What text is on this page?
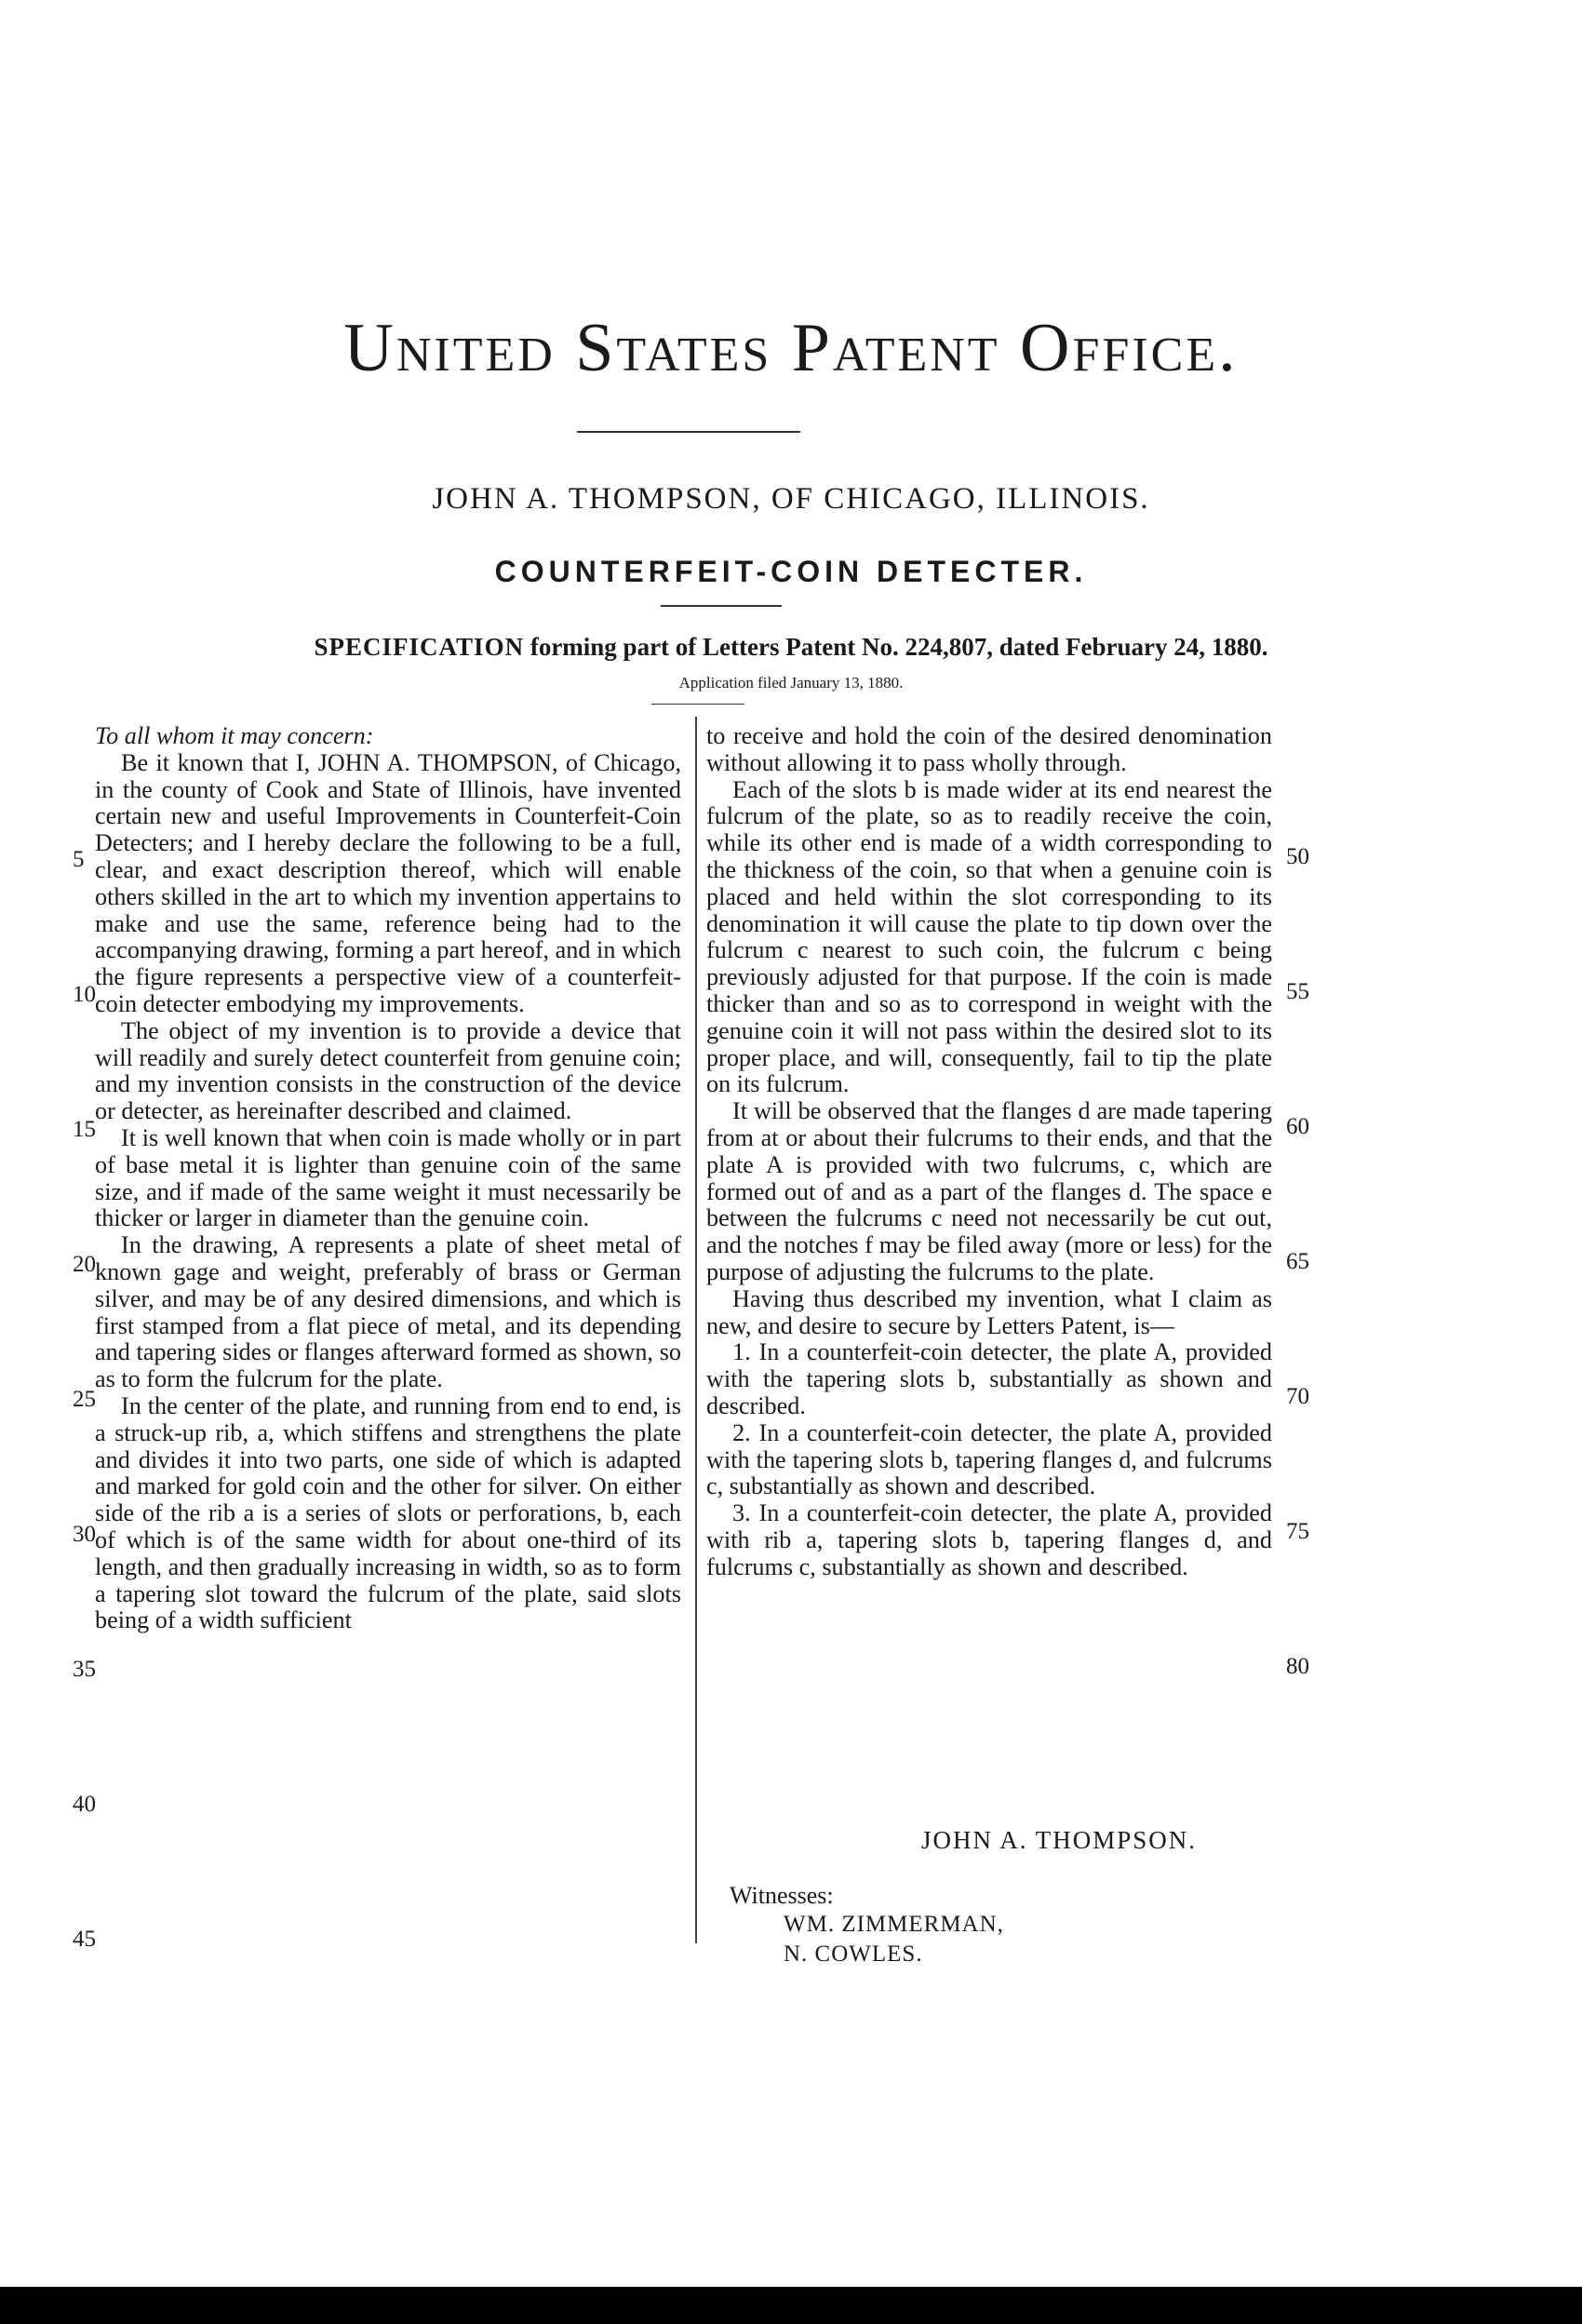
United States Patent Office.
JOHN A. THOMPSON, OF CHICAGO, ILLINOIS.
COUNTERFEIT-COIN DETECTER.
SPECIFICATION forming part of Letters Patent No. 224,807, dated February 24, 1880.
Application filed January 13, 1880.

To all whom it may concern:

Be it known that I, JOHN A. THOMPSON, of Chicago, in the county of Cook and State of Illinois, have invented certain new and useful Improvements in Counterfeit-Coin Detecters; and I hereby declare the following to be a full, clear, and exact description thereof, which will enable others skilled in the art to which my invention appertains to make and use the same, reference being had to the accompanying drawing, forming a part hereof, and in which the figure represents a perspective view of a counterfeit-coin detecter embodying my improvements.

The object of my invention is to provide a device that will readily and surely detect counterfeit from genuine coin; and my invention consists in the construction of the device or detecter, as hereinafter described and claimed.

It is well known that when coin is made wholly or in part of base metal it is lighter than genuine coin of the same size, and if made of the same weight it must necessarily be thicker or larger in diameter than the genuine coin.

In the drawing, A represents a plate of sheet metal of known gage and weight, preferably of brass or German silver, and may be of any desired dimensions, and which is first stamped from a flat piece of metal, and its depending and tapering sides or flanges afterward formed as shown, so as to form the fulcrum for the plate.

In the center of the plate, and running from end to end, is a struck-up rib, a, which stiffens and strengthens the plate and divides it into two parts, one side of which is adapted and marked for gold coin and the other for silver. On either side of the rib a is a series of slots or perforations, b, each of which is of the same width for about one-third of its length, and then gradually increasing in width, so as to form a tapering slot toward the fulcrum of the plate, said slots being of a width sufficient

to receive and hold the coin of the desired denomination without allowing it to pass wholly through.

Each of the slots b is made wider at its end nearest the fulcrum of the plate, so as to readily receive the coin, while its other end is made of a width corresponding to the thickness of the coin, so that when a genuine coin is placed and held within the slot corresponding to its denomination it will cause the plate to tip down over the fulcrum c nearest to such coin, the fulcrum c being previously adjusted for that purpose. If the coin is made thicker than and so as to correspond in weight with the genuine coin it will not pass within the desired slot to its proper place, and will, consequently, fail to tip the plate on its fulcrum.

It will be observed that the flanges d are made tapering from at or about their fulcrums to their ends, and that the plate A is provided with two fulcrums, c, which are formed out of and as a part of the flanges d. The space e between the fulcrums c need not necessarily be cut out, and the notches f may be filed away (more or less) for the purpose of adjusting the fulcrums to the plate.

Having thus described my invention, what I claim as new, and desire to secure by Letters Patent, is—

1. In a counterfeit-coin detecter, the plate A, provided with the tapering slots b, substantially as shown and described.

2. In a counterfeit-coin detecter, the plate A, provided with the tapering slots b, tapering flanges d, and fulcrums c, substantially as shown and described.

3. In a counterfeit-coin detecter, the plate A, provided with rib a, tapering slots b, tapering flanges d, and fulcrums c, substantially as shown and described.

5
10
15
20
25
30
35
40
45
50
55
60
65
70
75
80
JOHN A. THOMPSON.
Witnesses:
WM. ZIMMERMAN,
N. COWLES.
